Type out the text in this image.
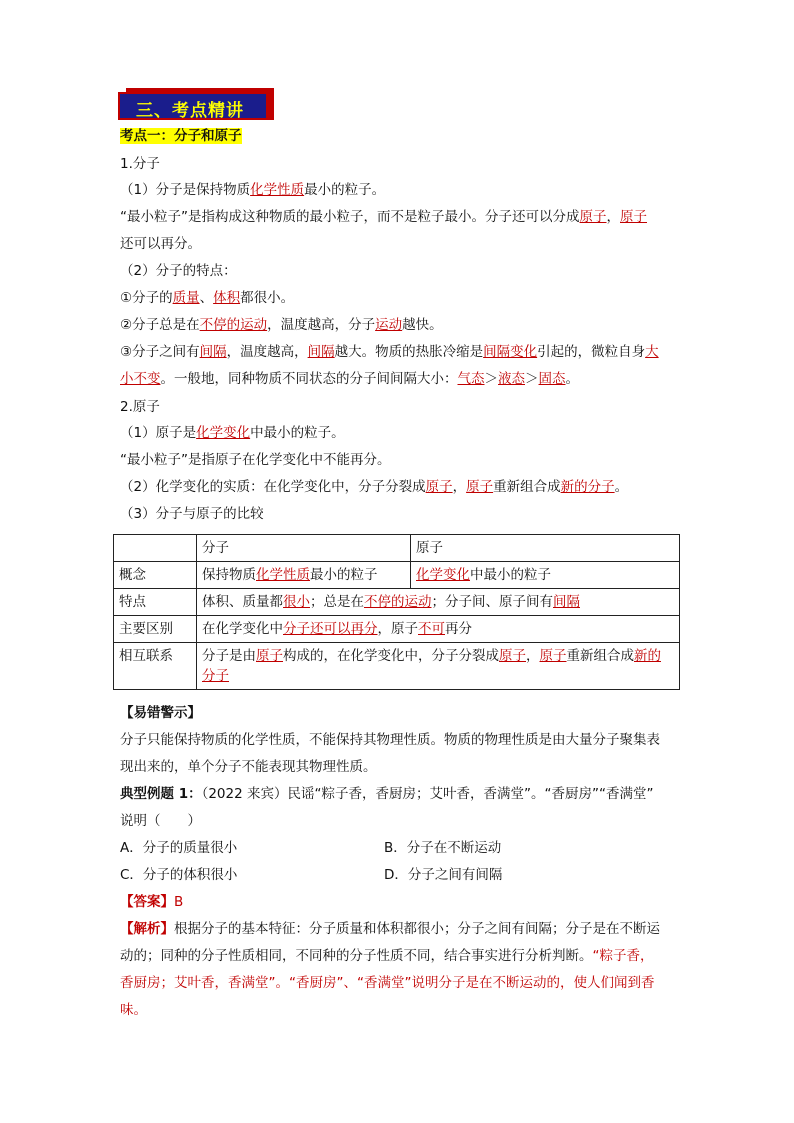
三、考点精讲
考点一：分子和原子
1.分子
（1）分子是保持物质化学性质最小的粒子。
“最小粒子”是指构成这种物质的最小粒子，而不是粒子最小。分子还可以分成原子，原子
还可以再分。
（2）分子的特点：
①分子的质量、体积都很小。
②分子总是在不停的运动，温度越高，分子运动越快。
③分子之间有间隔，温度越高，间隔越大。物质的热胀冷缩是间隔变化引起的，微粒自身大
小不变。一般地，同种物质不同状态的分子间间隔大小：气态＞液态＞固态。
2.原子
（1）原子是化学变化中最小的粒子。
“最小粒子”是指原子在化学变化中不能再分。
（2）化学变化的实质：在化学变化中，分子分裂成原子，原子重新组合成新的分子。
（3）分子与原子的比较
	分子	原子
概念	保持物质化学性质最小的粒子	化学变化中最小的粒子
特点	体积、质量都很小；总是在不停的运动；分子间、原子间有间隔	
主要区别	在化学变化中分子还可以再分，原子不可再分	
相互联系	分子是由原子构成的，在化学变化中，分子分裂成原子，原子重新组合成新的
分子	
【易错警示】
分子只能保持物质的化学性质，不能保持其物理性质。物质的物理性质是由大量分子聚集表
现出来的，单个分子不能表现其物理性质。
典型例题 1：（2022 来宾）民谣“粽子香，香厨房；艾叶香，香满堂”。“香厨房”“香满堂”
说明（　　）
A．分子的质量很小	B．分子在不断运动
C．分子的体积很小	D．分子之间有间隔
【答案】B
【解析】根据分子的基本特征：分子质量和体积都很小；分子之间有间隔；分子是在不断运
动的；同种的分子性质相同，不同种的分子性质不同，结合事实进行分析判断。“粽子香，
香厨房；艾叶香，香满堂”。“香厨房”、“香满堂”说明分子是在不断运动的，使人们闻到香
味。
